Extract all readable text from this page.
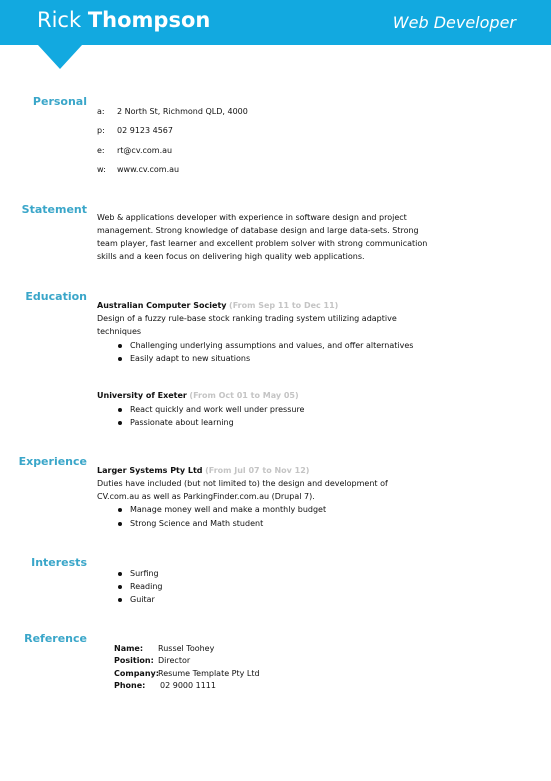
Rick Thompson	Web Developer
Personal
a: 2 North St, Richmond QLD, 4000
p: 02 9123 4567
e: rt@cv.com.au
w: www.cv.com.au
Statement
Web & applications developer with experience in software design and project
management. Strong knowledge of database design and large data-sets. Strong
team player, fast learner and excellent problem solver with strong communication
skills and a keen focus on delivering high quality web applications.
Education
Australian Computer Society (From Sep 11 to Dec 11)
Design of a fuzzy rule-base stock ranking trading system utilizing adaptive
techniques
Challenging underlying assumptions and values, and offer alternatives
Easily adapt to new situations
University of Exeter (From Oct 01 to May 05)
React quickly and work well under pressure
Passionate about learning
Experience
Larger Systems Pty Ltd (From Jul 07 to Nov 12)
Duties have included (but not limited to) the design and development of
CV.com.au as well as ParkingFinder.com.au (Drupal 7).
Manage money well and make a monthly budget
Strong Science and Math student
Interests
Surfing
Reading
Guitar
Reference
Name: Russel Toohey
Position: Director
Company: Resume Template Pty Ltd
Phone: 02 9000 1111
